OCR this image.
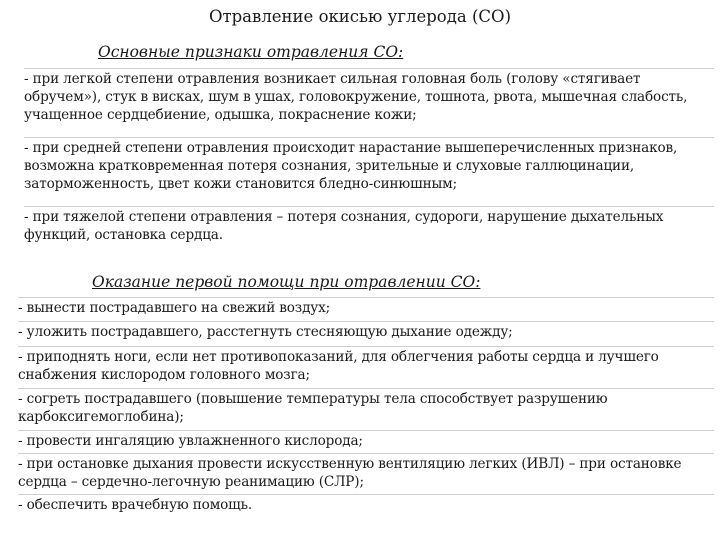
Отравление окисью углерода (СО)
Основные признаки отравления СО:
- при легкой степени отравления возникает сильная головная боль (голову «стягивает обручем»), стук в висках, шум в ушах, головокружение, тошнота, рвота, мышечная слабость, учащенное сердцебиение, одышка, покраснение кожи;
- при средней степени отравления происходит нарастание вышеперечисленных признаков, возможна кратковременная потеря сознания, зрительные и слуховые галлюцинации, заторможенность, цвет кожи становится бледно-синюшным;
- при тяжелой степени отравления – потеря сознания, судороги, нарушение дыхательных функций, остановка сердца.
Оказание первой помощи при отравлении СО:
- вынести пострадавшего на свежий воздух;
- уложить пострадавшего, расстегнуть стесняющую дыхание одежду;
- приподнять ноги, если нет противопоказаний, для облегчения работы сердца и лучшего снабжения кислородом головного мозга;
- согреть пострадавшего (повышение температуры тела способствует разрушению карбоксигемоглобина);
- провести ингаляцию увлажненного кислорода;
- при остановке дыхания провести искусственную вентиляцию легких (ИВЛ) – при остановке сердца – сердечно-легочную реанимацию (СЛР);
- обеспечить врачебную помощь.
